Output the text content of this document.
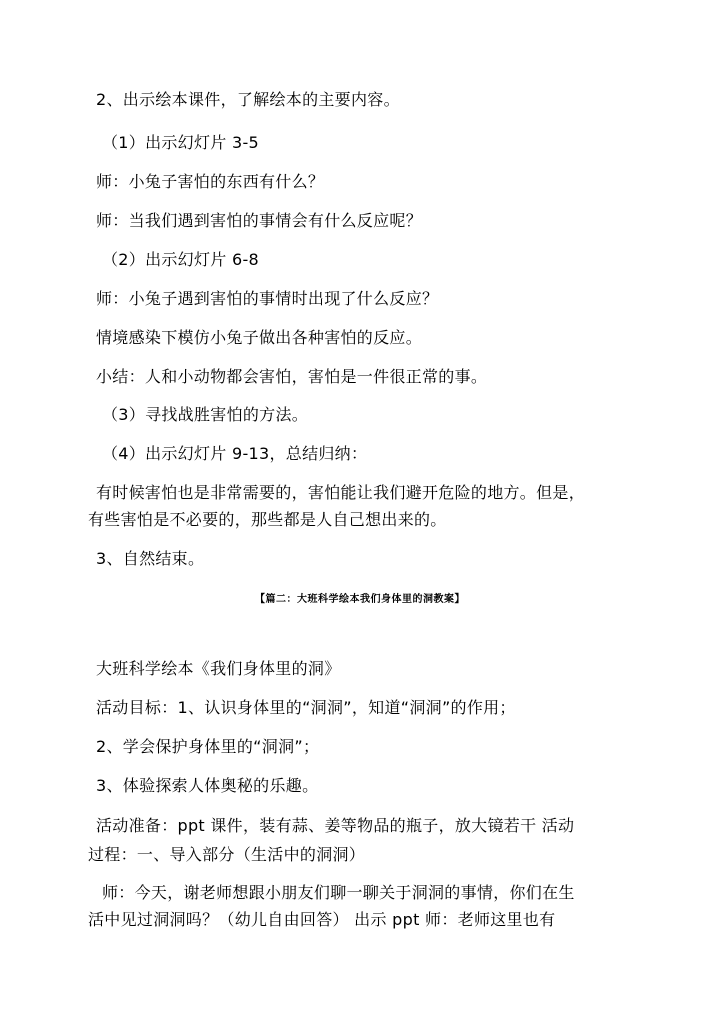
2、出示绘本课件，了解绘本的主要内容。
（1）出示幻灯片 3-5
师：小兔子害怕的东西有什么？
师：当我们遇到害怕的事情会有什么反应呢？
（2）出示幻灯片 6-8
师：小兔子遇到害怕的事情时出现了什么反应？
情境感染下模仿小兔子做出各种害怕的反应。
小结：人和小动物都会害怕，害怕是一件很正常的事。
（3）寻找战胜害怕的方法。
（4）出示幻灯片 9-13，总结归纳：
有时候害怕也是非常需要的，害怕能让我们避开危险的地方。但是，
有些害怕是不必要的，那些都是人自己想出来的。
3、自然结束。
【篇二：大班科学绘本我们身体里的洞教案】
大班科学绘本《我们身体里的洞》
活动目标：1、认识身体里的“洞洞”，知道“洞洞”的作用；
2、学会保护身体里的“洞洞”；
3、体验探索人体奥秘的乐趣。
活动准备：ppt 课件，装有蒜、姜等物品的瓶子，放大镜若干 活动
过程：一、导入部分（生活中的洞洞）
师：今天，谢老师想跟小朋友们聊一聊关于洞洞的事情，你们在生
活中见过洞洞吗？（幼儿自由回答） 出示 ppt 师：老师这里也有
